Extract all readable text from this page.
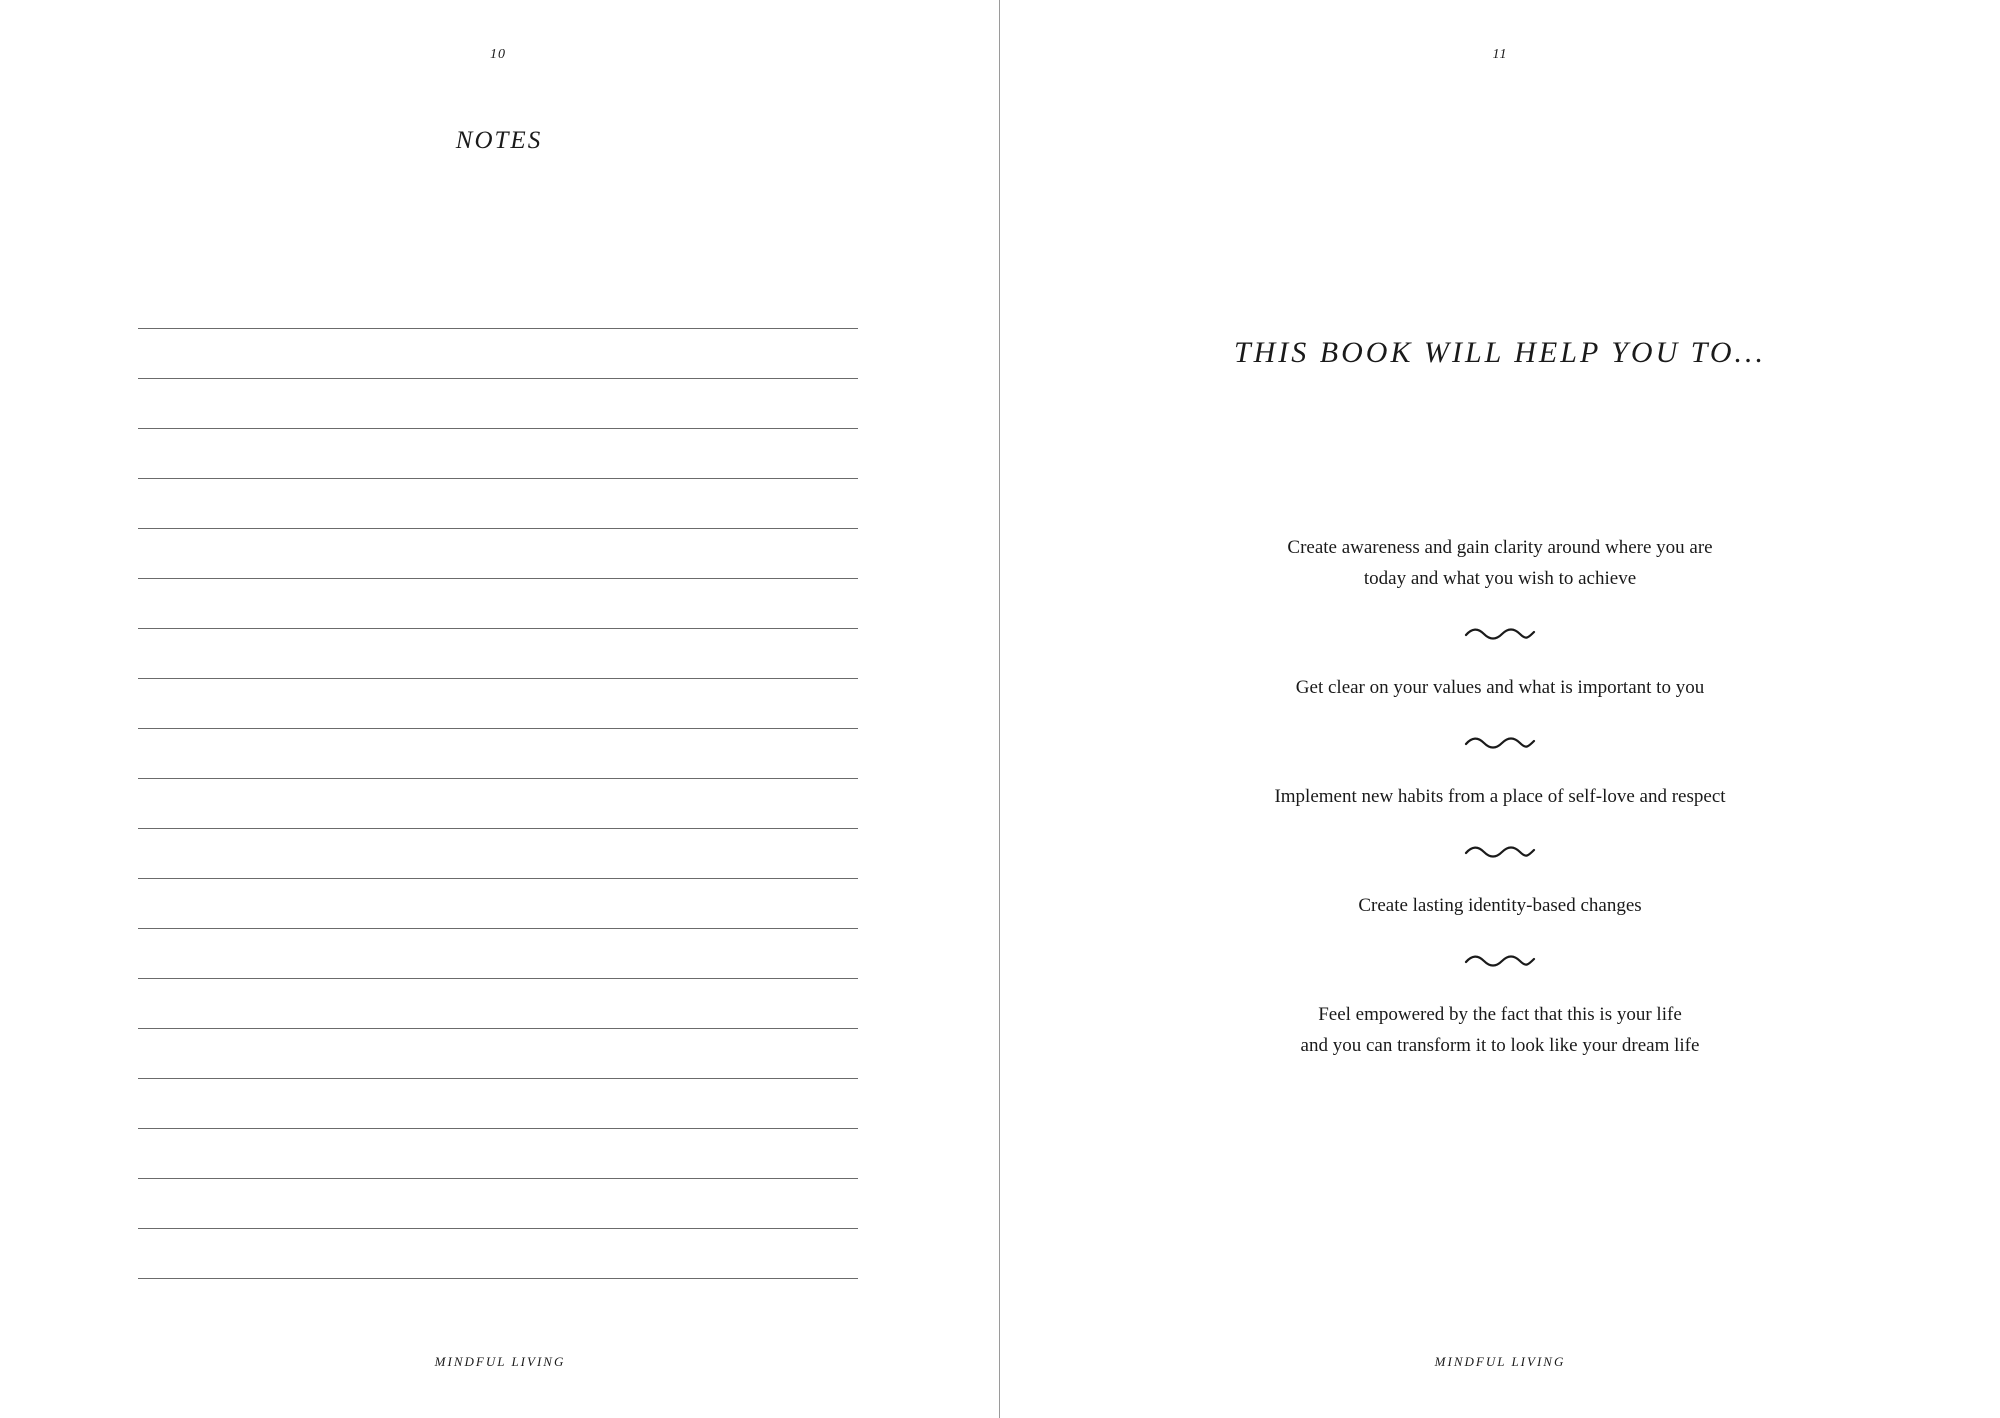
10
NOTES
MINDFUL LIVING
11
THIS BOOK WILL HELP YOU TO...
Create awareness and gain clarity around where you are
today and what you wish to achieve
Get clear on your values and what is important to you
Implement new habits from a place of self-love and respect
Create lasting identity-based changes
Feel empowered by the fact that this is your life
and you can transform it to look like your dream life
MINDFUL LIVING
